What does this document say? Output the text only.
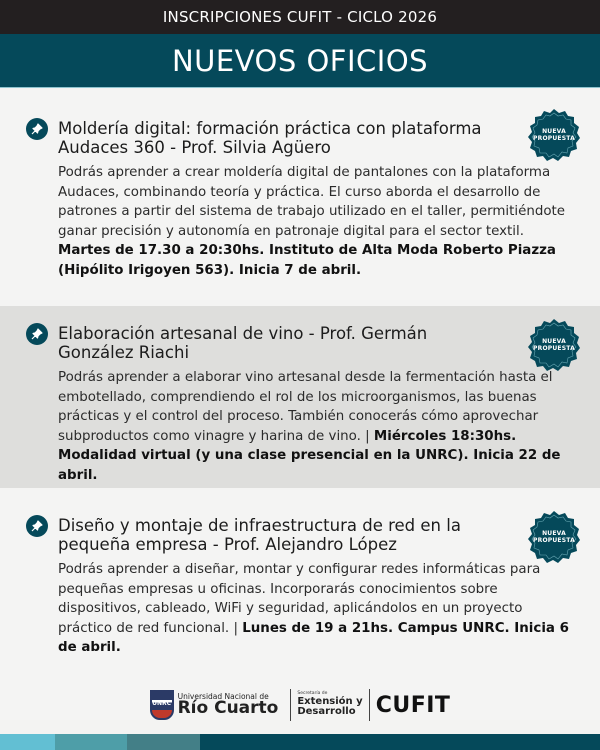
INSCRIPCIONES CUFIT - CICLO 2026
NUEVOS OFICIOS
Moldería digital: formación práctica con plataforma Audaces 360 - Prof. Silvia Agüero
Podrás aprender a crear moldería digital de pantalones con la plataforma Audaces, combinando teoría y práctica. El curso aborda el desarrollo de patrones a partir del sistema de trabajo utilizado en el taller, permitiéndote ganar precisión y autonomía en patronaje digital para el sector textil. Martes de 17.30 a 20:30hs. Instituto de Alta Moda Roberto Piazza (Hipólito Irigoyen 563). Inicia 7 de abril.
NUEVA
PROPUESTA
Elaboración artesanal de vino - Prof. Germán González Riachi
Podrás aprender a elaborar vino artesanal desde la fermentación hasta el embotellado, comprendiendo el rol de los microorganismos, las buenas prácticas y el control del proceso. También conocerás cómo aprovechar subproductos como vinagre y harina de vino. | Miércoles 18:30hs. Modalidad virtual (y una clase presencial en la UNRC). Inicia 22 de abril.
NUEVA
PROPUESTA
Diseño y montaje de infraestructura de red en la pequeña empresa - Prof. Alejandro López
Podrás aprender a diseñar, montar y configurar redes informáticas para pequeñas empresas u oficinas. Incorporarás conocimientos sobre dispositivos, cableado, WiFi y seguridad, aplicándolos en un proyecto práctico de red funcional. | Lunes de 19 a 21hs. Campus UNRC. Inicia 6 de abril.
NUEVA
PROPUESTA
UNRC
Universidad Nacional de
Río Cuarto
Secretaría de
Extensión y
Desarrollo CUFIT
